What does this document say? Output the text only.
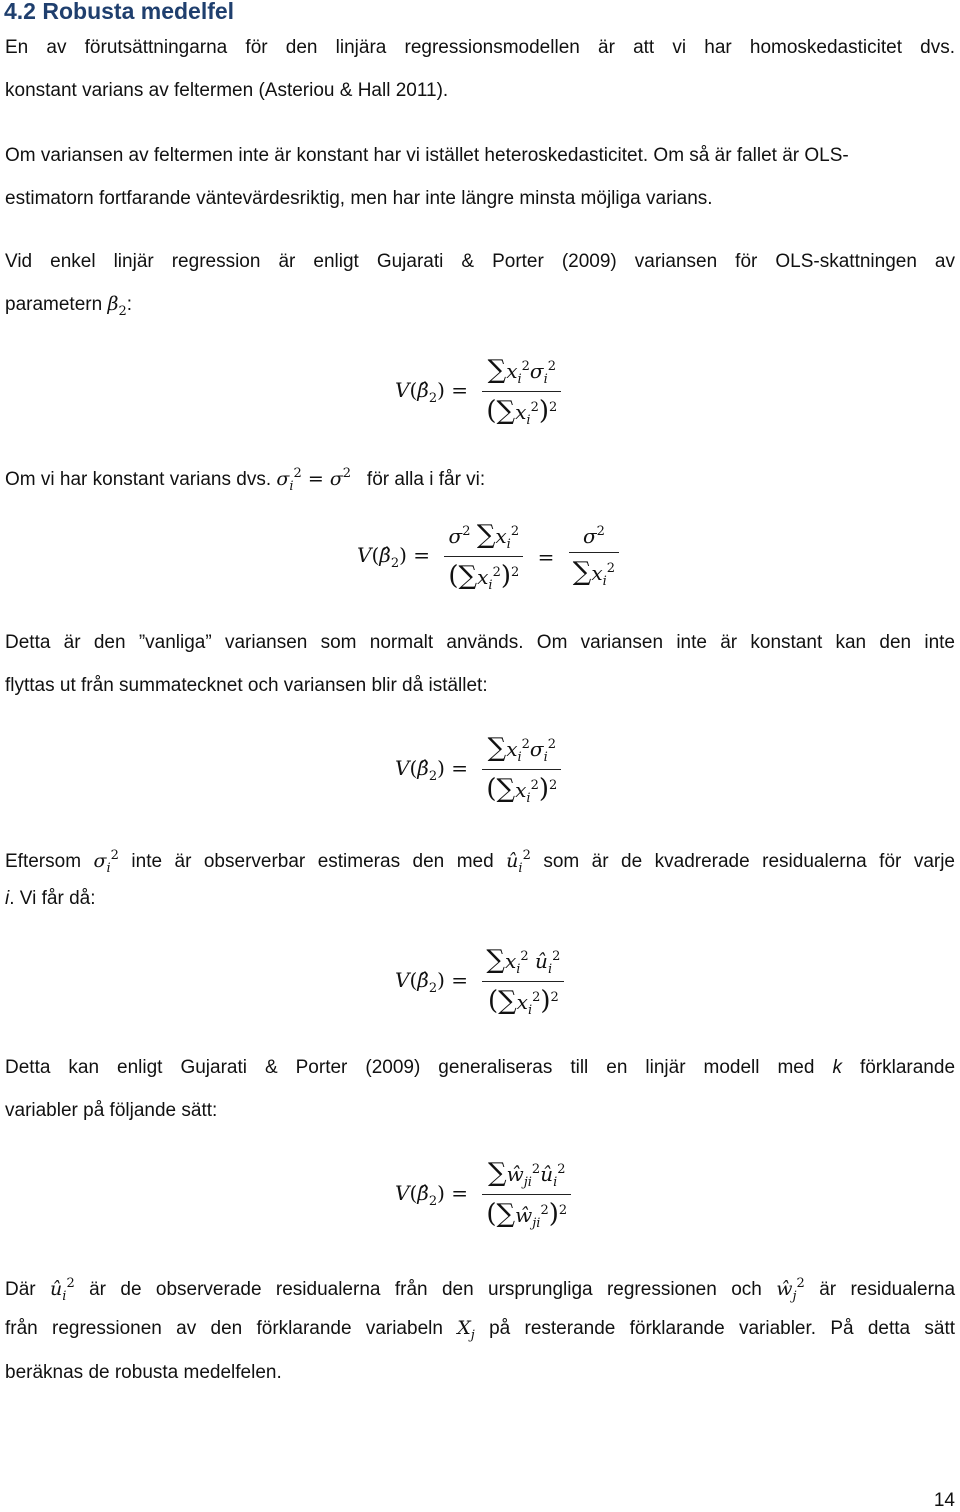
4.2 Robusta medelfel
En av förutsättningarna för den linjära regressionsmodellen är att vi har homoskedasticitet dvs.
konstant varians av feltermen (Asteriou & Hall 2011).
Om variansen av feltermen inte är konstant har vi istället heteroskedasticitet. Om så är fallet är OLS-
estimatorn fortfarande väntevärdesriktig, men har inte längre minsta möjliga varians.
Vid enkel linjär regression är enligt Gujarati & Porter (2009) variansen för OLS-skattningen av
parametern $\beta_2$:
$V(\betâ_2) = \frac{\sum x_i^2\sigma_i^2}{(\sum x_i^2)^2}$
Om vi har konstant varians dvs. $\sigma_i^2 = \sigma^2$ för alla i får vi:
$V(\betâ_2) = \frac{\sigma^2 \sum x_i^2}{(\sum x_i^2)^2} = \frac{\sigma^2}{\sum x_i^2}$
Detta är den ”vanliga” variansen som normalt används. Om variansen inte är konstant kan den inte
flyttas ut från summatecknet och variansen blir då istället:
$V(\betâ_2) = \frac{\sum x_i^2\sigma_i^2}{(\sum x_i^2)^2}$
Eftersom $\sigma_i^2$ inte är observerbar estimeras den med $û_i^2$ som är de kvadrerade residualerna för varje
i. Vi får då:
$V(\betâ_2) = \frac{\sum x_i^2 û_i^2}{(\sum x_i^2)^2}$
Detta kan enligt Gujarati & Porter (2009) generaliseras till en linjär modell med k förklarande
variabler på följande sätt:
$V(\betâ_2) = \frac{\sum ŵ_{ji}^2û_i^2}{(\sum ŵ_{ji}^2)^2}$
Där $û_i^2$ är de observerade residualerna från den ursprungliga regressionen och $ŵ_j^2$ är residualerna
från regressionen av den förklarande variabeln $X_j$ på resterande förklarande variabler. På detta sätt
beräknas de robusta medelfelen.
14
